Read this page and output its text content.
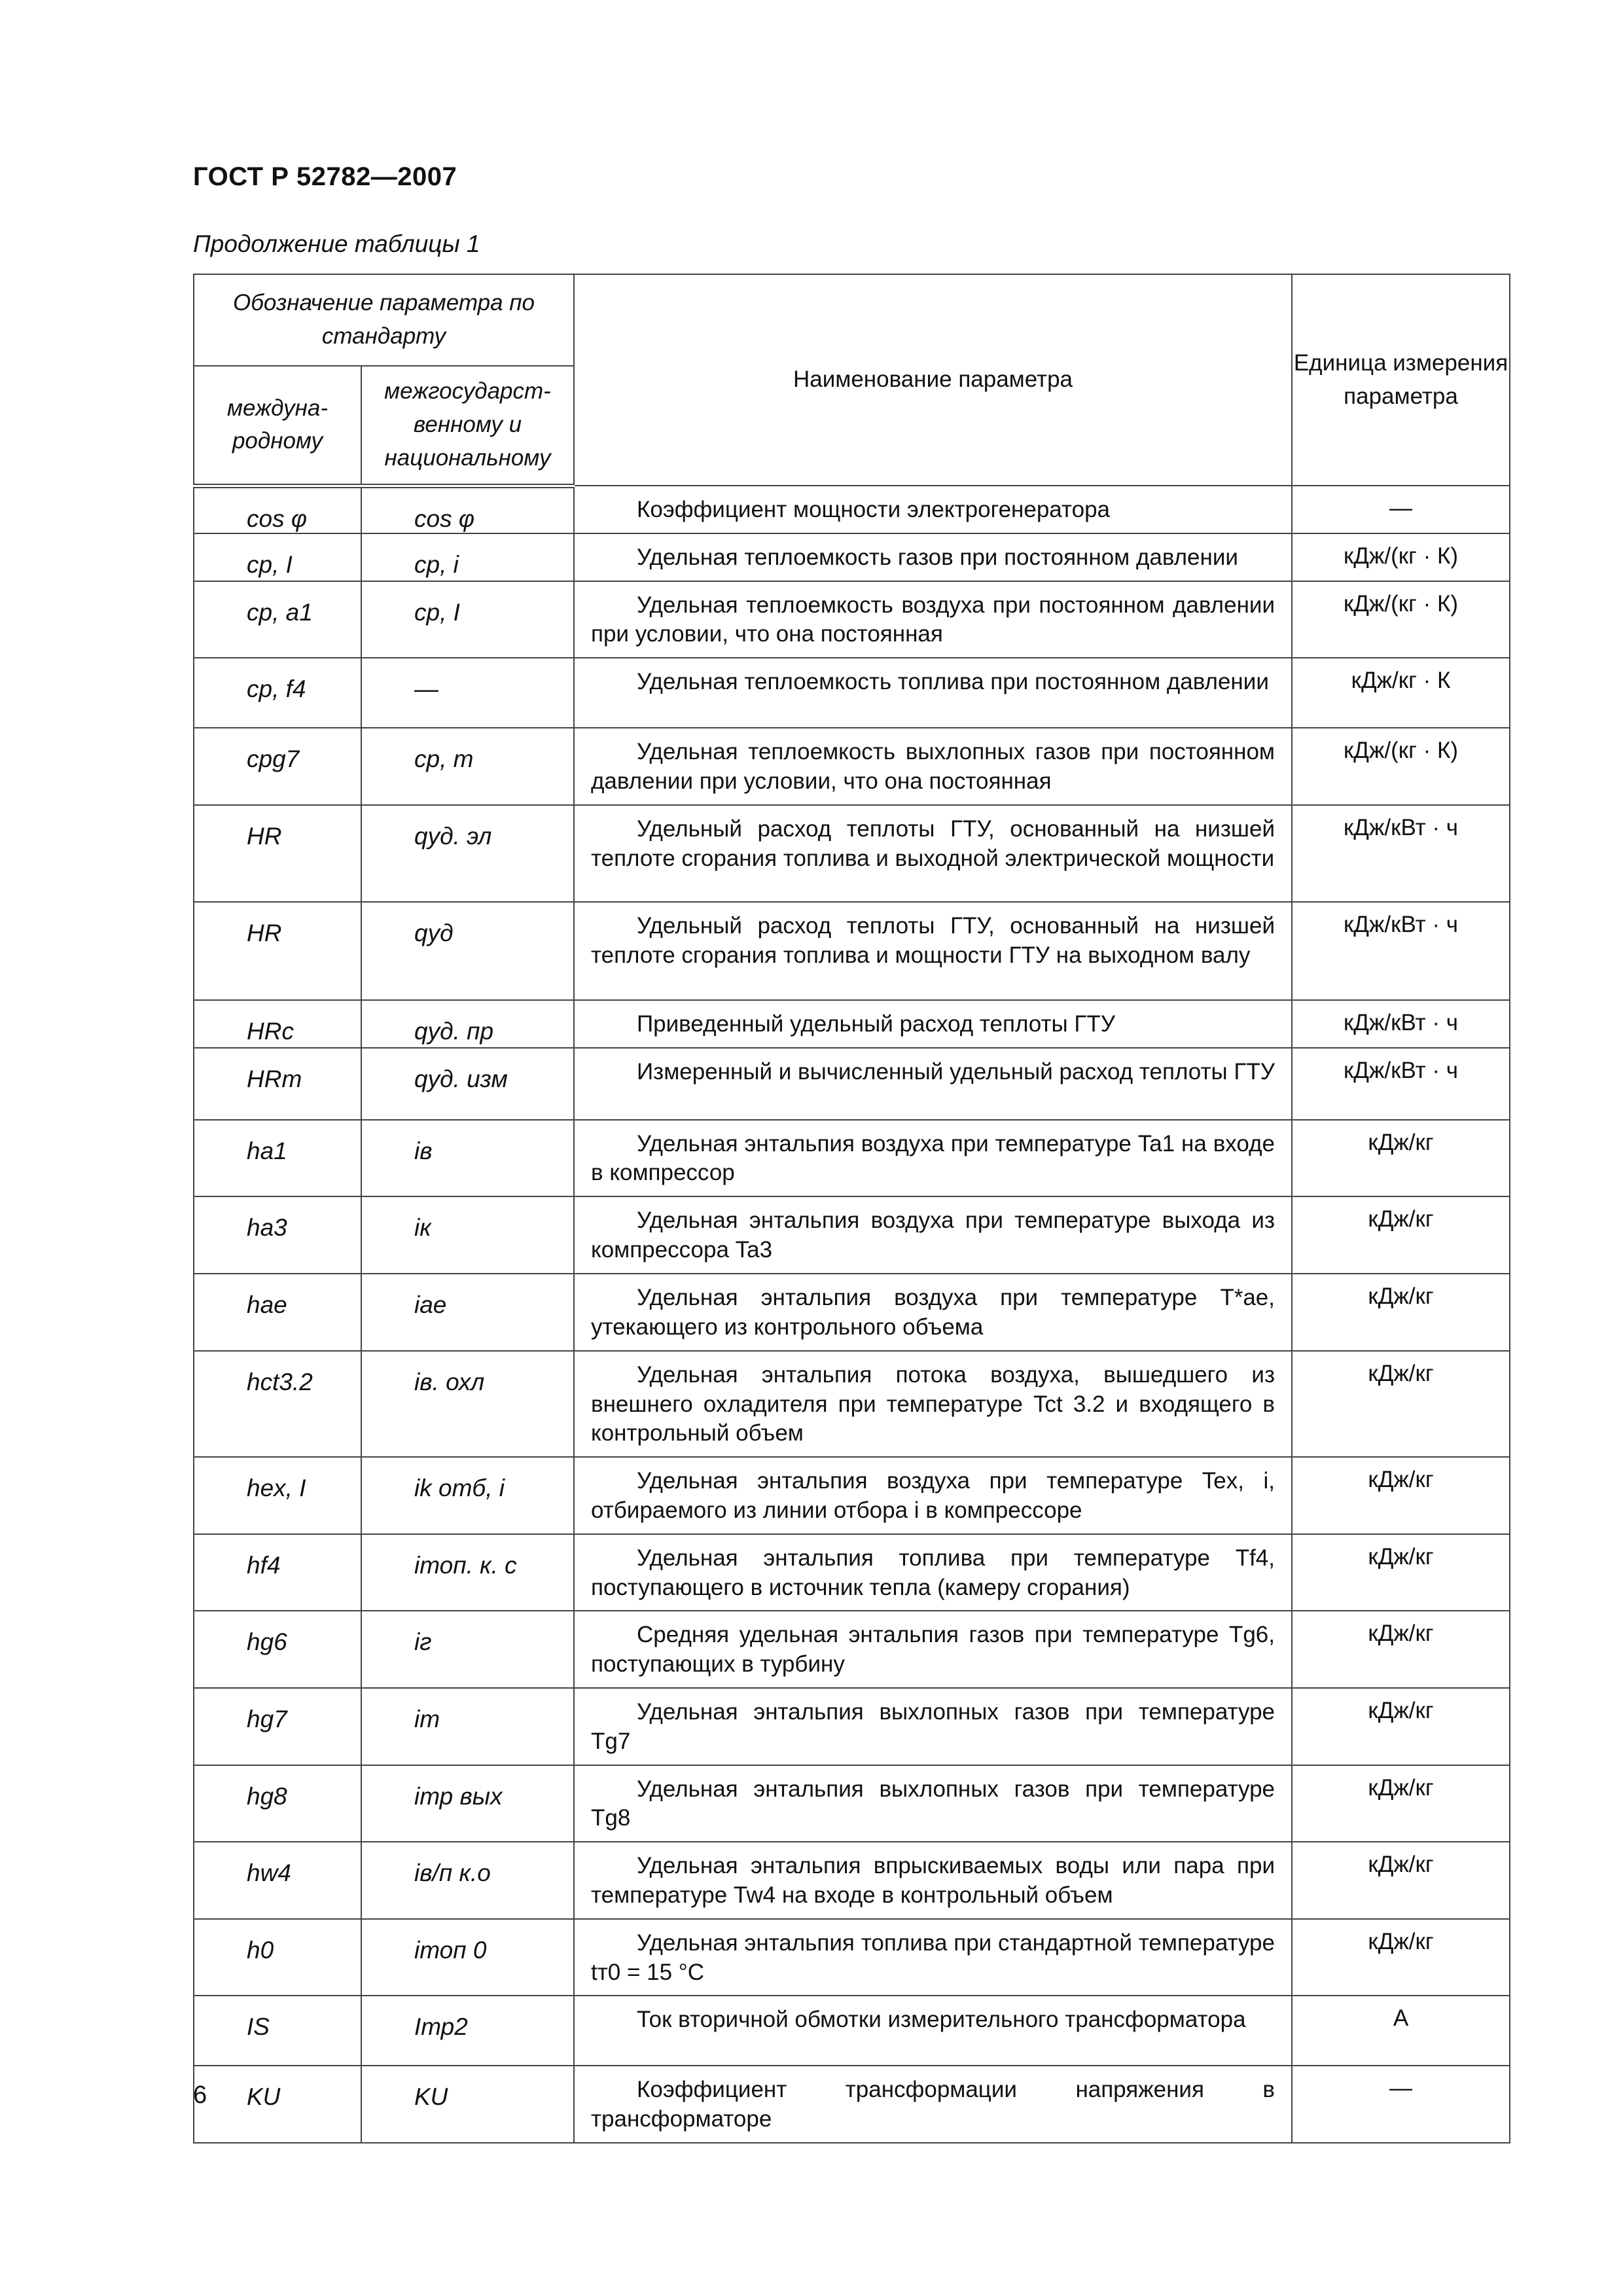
ГОСТ Р 52782—2007
Продолжение таблицы 1
Обозначение параметра по стандарту		Наименование параметра	Единица измерения параметра
междуна-родному	межгосударст-венному и национальному		
cos φ	cos φ	Коэффициент мощности электрогенератора	—
cp, I	cp, i	Удельная теплоемкость газов при постоянном давлении	кДж/(кг · К)
cp, a1	cp, I	Удельная теплоемкость воздуха при постоянном давлении при условии, что она постоянная	кДж/(кг · К)
cp, f4	—	Удельная теплоемкость топлива при постоянном давлении	кДж/кг · К
cpg7	cp, т	Удельная теплоемкость выхлопных газов при постоянном давлении при условии, что она постоянная	кДж/(кг · К)
HR	qуд. эл	Удельный расход теплоты ГТУ, основанный на низшей теплоте сгорания топлива и выходной электрической мощности	кДж/кВт · ч
HR	qуд	Удельный расход теплоты ГТУ, основанный на низшей теплоте сгорания топлива и мощности ГТУ на выходном валу	кДж/кВт · ч
HRc	qуд. пр	Приведенный удельный расход теплоты ГТУ	кДж/кВт · ч
HRm	qуд. изм	Измеренный и вычисленный удельный расход теплоты ГТУ	кДж/кВт · ч
ha1	iв	Удельная энтальпия воздуха при температуре Ta1 на входе в компрессор	кДж/кг
ha3	iк	Удельная энтальпия воздуха при температуре выхода из компрессора Ta3	кДж/кг
hae	iae	Удельная энтальпия воздуха при температуре T*ae, утекающего из контрольного объема	кДж/кг
hct3.2	iв. охл	Удельная энтальпия потока воздуха, вышедшего из внешнего охладителя при температуре Tct 3.2 и входящего в контрольный объем	кДж/кг
hex, I	ik отб, i	Удельная энтальпия воздуха при температуре Tex, i, отбираемого из линии отбора i в компрессоре	кДж/кг
hf4	iтоп. к. с	Удельная энтальпия топлива при температуре Tf4, поступающего в источник тепла (камеру сгорания)	кДж/кг
hg6	iг	Средняя удельная энтальпия газов при температуре Tg6, поступающих в турбину	кДж/кг
hg7	iт	Удельная энтальпия выхлопных газов при температуре Tg7	кДж/кг
hg8	iтр вых	Удельная энтальпия выхлопных газов при температуре Tg8	кДж/кг
hw4	iв/п к.о	Удельная энтальпия впрыскиваемых воды или пара при температуре Tw4 на входе в контрольный объем	кДж/кг
h0	iтоп 0	Удельная энтальпия топлива при стандартной температуре tт0 = 15 °С	кДж/кг
IS	Iтр2	Ток вторичной обмотки измерительного трансформатора	А
KU	KU	Коэффициент трансформации напряжения в трансформаторе	—
6
